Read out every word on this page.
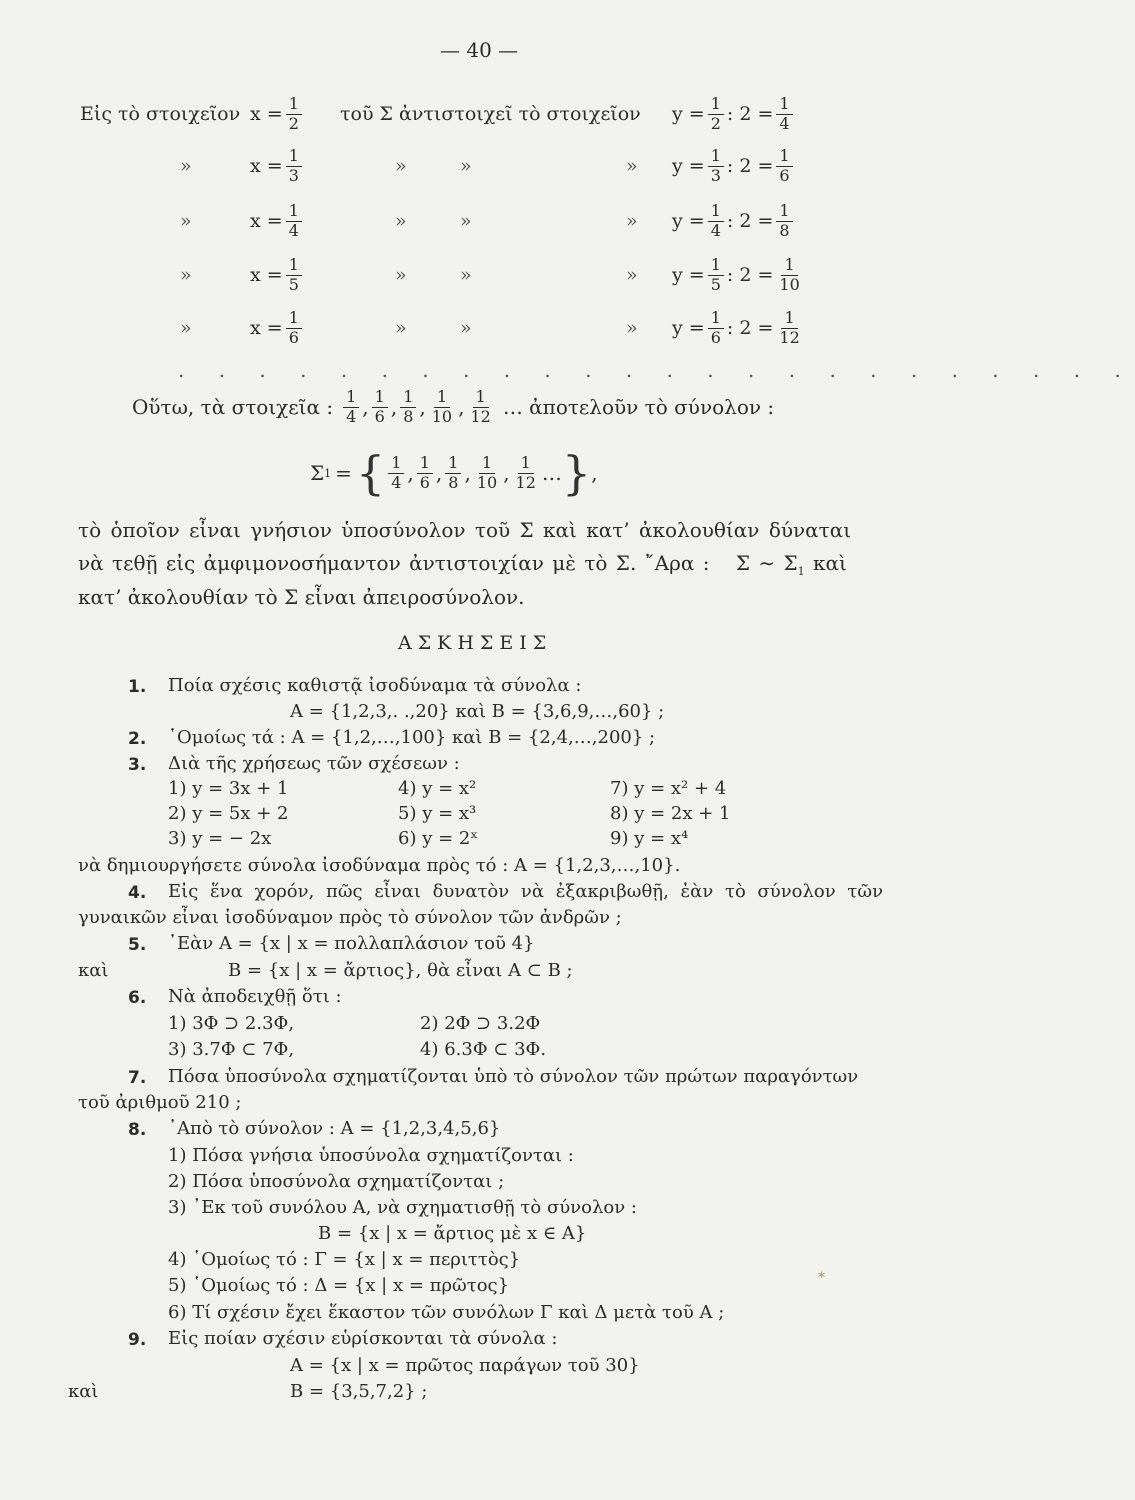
— 40 —
Εἰς τὸ στοιχεῖον $x = \frac{1}{2}$ τοῦ Σ ἀντιστοιχεῖ τὸ στοιχεῖον $y = \frac{1}{2}$ : $2 = \frac{1}{4}$
»	$x = \frac{1}{3}$	»	»	» $y = \frac{1}{3}$ : $2 = \frac{1}{6}$
»	$x = \frac{1}{4}$	»	»	» $y = \frac{1}{4}$ : $2 = \frac{1}{8}$
»	$x = \frac{1}{5}$	»	»	» $y = \frac{1}{5}$ : $2 = \frac{1}{10}$
»	$x = \frac{1}{6}$	»	»	» $y = \frac{1}{6}$ : $2 = \frac{1}{12}$
. . . . . . . . . . . . . . . . . . . . . . . .
Οὕτω, τὰ στοιχεῖα : $\frac{1}{4}$ , $\frac{1}{6}$ , $\frac{1}{8}$ , $\frac{1}{10}$ , $\frac{1}{12}$ … ἀποτελοῦν τὸ σύνολον :
Σ 1 = { $\frac{1}{4}$ , $\frac{1}{6}$ , $\frac{1}{8}$ , $\frac{1}{10}$ , $\frac{1}{12}$ … } ,
τὸ ὁποῖον εἶναι γνήσιον ὑποσύνολον τοῦ Σ καὶ κατ’ ἀκολουθίαν δύναται
νὰ τεθῇ εἰς ἀμφιμονοσήμαντον ἀντιστοιχίαν μὲ τὸ Σ. ῎Αρα : Σ ∼ $\Sigma_1$ καὶ
κατ’ ἀκολουθίαν τὸ Σ εἶναι ἀπειροσύνολον.
ΑΣΚΗΣΕΙΣ
1. Ποία σχέσις καθιστᾷ ἰσοδύναμα τὰ σύνολα :
A = {1,2,3,. .,20} καὶ B = {3,6,9,…,60} ;
2. ῾Ομοίως τά : A = {1,2,…,100} καὶ B = {2,4,…,200} ;
3. Διὰ τῆς χρήσεως τῶν σχέσεων :
1) y = 3x + 1	4) y = x²	7) y = x² + 4
2) y = 5x + 2	5) y = x³	8) y = 2x + 1
3) y = − 2x	6) y = 2ˣ	9) y = x⁴
νὰ δημιουργήσετε σύνολα ἰσοδύναμα πρὸς τό : A = {1,2,3,…,10}.
4. Εἰς ἕνα χορόν, πῶς εἶναι δυνατὸν νὰ ἐξακριβωθῇ, ἐὰν τὸ σύνολον τῶν
γυναικῶν εἶναι ἰσοδύναμον πρὸς τὸ σύνολον τῶν ἀνδρῶν ;
5. ᾿Εὰν A = {x | x = πολλαπλάσιον τοῦ 4}
καὶ	B = {x | x = ἄρτιος}, θὰ εἶναι A ⊂ B ;
6. Νὰ ἀποδειχθῇ ὅτι :
1) 3Φ ⊃ 2.3Φ,	2) 2Φ ⊃ 3.2Φ
3) 3.7Φ ⊂ 7Φ,	4) 6.3Φ ⊂ 3Φ.
7. Πόσα ὑποσύνολα σχηματίζονται ὑπὸ τὸ σύνολον τῶν πρώτων παραγόντων
τοῦ ἀριθμοῦ 210 ;
8. ᾿Απὸ τὸ σύνολον : A = {1,2,3,4,5,6}
1) Πόσα γνήσια ὑποσύνολα σχηματίζονται :
2) Πόσα ὑποσύνολα σχηματίζονται ;
3) ᾿Εκ τοῦ συνόλου A, νὰ σχηματισθῇ τὸ σύνολον :
B = {x | x = ἄρτιος μὲ x ∈ A}
4) ῾Ομοίως τό : Γ = {x | x = περιττὸς}
5) ῾Ομοίως τό : Δ = {x | x = πρῶτος}
6) Τί σχέσιν ἔχει ἕκαστον τῶν συνόλων Γ καὶ Δ μετὰ τοῦ A ;
9. Εἰς ποίαν σχέσιν εὑρίσκονται τὰ σύνολα :
A = {x | x = πρῶτος παράγων τοῦ 30}
καὶ	B = {3,5,7,2} ;
*
